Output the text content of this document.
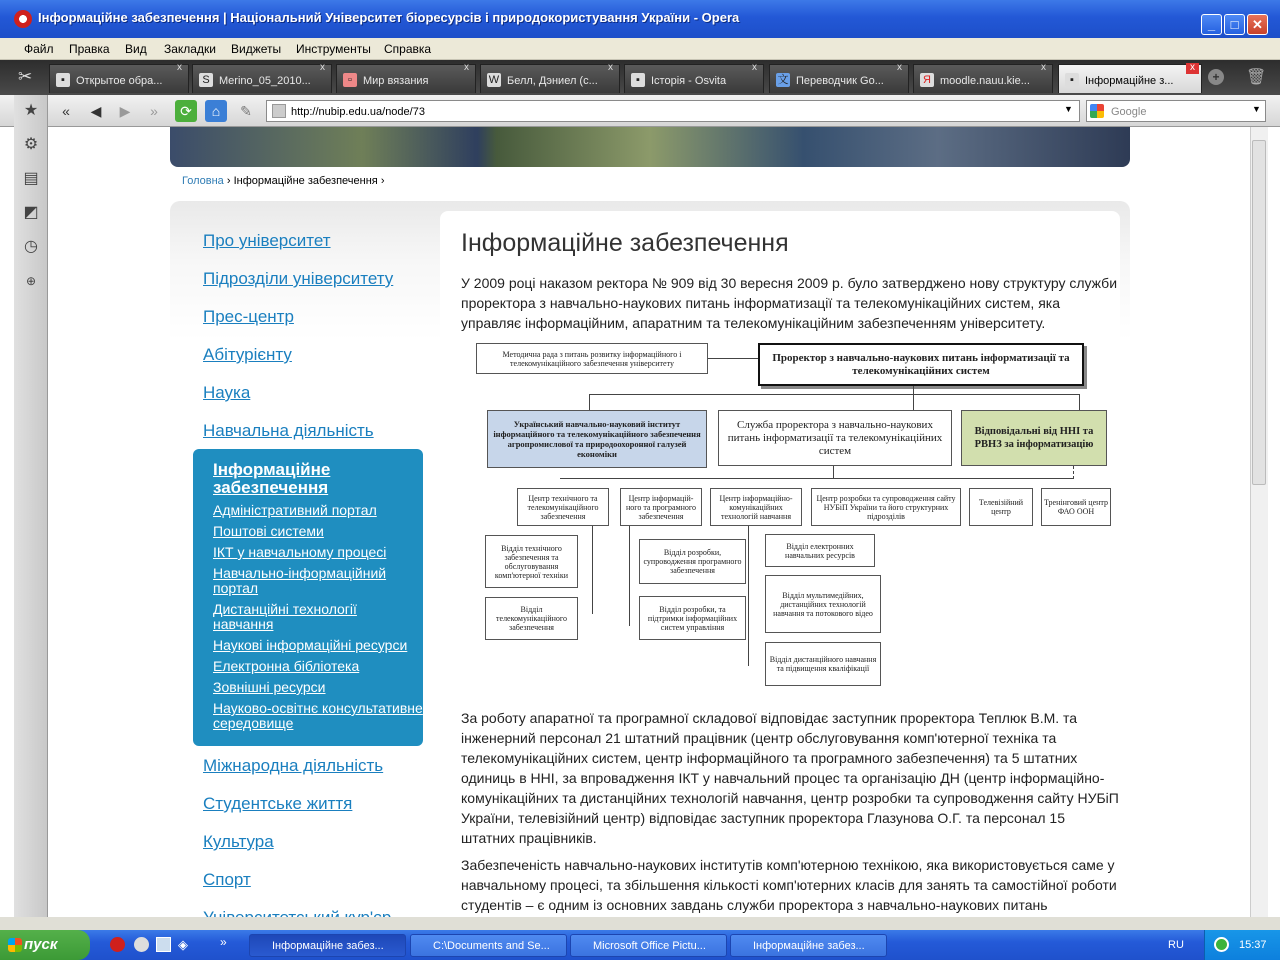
Інформаційне забезпечення | Національний Університет біоресурсів і природокористування України - Opera	_	□	✕
Файл Правка Вид Закладки Виджеты Инструменты Справка
✂	▪	Открытое обра...
x
S Merino_05_2010...
x
▫	Мир вязания
x
W Белл, Дэниел (с...
x
▪	Історія - Osvita
x
文 Переводчик Go...
x
Я moodle.nauu.kie...
x
▪	Інформаційне з...
x
+ 🗑
«	◀	▶	»	⟳	⌂	✎	http://nubip.edu.ua/node/73	▼	Google	▼
★
⚙
▤
◩
◷
⊕
Головна › Інформаційне забезпечення ›
Про університет
Підрозділи університету
Прес-центр
Абітурієнту
Наука
Навчальна діяльність
Міжнародна діяльність
Студентське життя
Культура
Спорт
Інформаційне забезпечення
Адміністративний портал
Поштові системи
ІКТ у навчальному процесі
Навчально-інформаційний портал
Дистанційні технології навчання
Наукові інформаційні ресурси
Електронна бібліотека
Зовнішні ресурси
Науково-освітнє консультативне середовище
Інформаційне забезпечення
У 2009 році наказом ректора № 909 від 30 вересня 2009 р. було затверджено нову структуру служби проректора з навчально-наукових питань інформатизації та телекомунікаційних систем, яка управляє інформаційним, апаратним та телекомунікаційним забезпеченням університету.
Методична рада з питань розвитку інформаційного і телекомунікаційного забезпечення університету	Проректор з навчально-наукових питань інформатизації та телекомунікаційних систем
Український навчально-науковий інститут інформаційного та телекомунікаційного забезпечення агропромислової та природоохоронної галузей економіки
Служба проректора з навчально-наукових питань інформатизації та телекомунікаційних систем
Відповідальні від ННІ та РВНЗ за інформатизацію
Центр технічного та телекомунікаційного забезпечення
Центр інформацій-ного та програмного забезпечення
Центр інформаційно-комунікаційних технологій навчання
Центр розробки та супроводження сайту НУБіП України та його структурних підрозділів
Телевізійний центр
Тренінговий центр ФАО ООН
Відділ технічного забезпечення та обслуговування комп'ютерної техніки
Відділ телекомунікаційного забезпечення
Відділ розробки, супроводження програмного забезпечення
Відділ розробки, та підтримки інформаційних систем управління
Відділ електронних навчальних ресурсів
Відділ мультимедійних, дистанційних технологій навчання та потокового відео
Відділ дистанційного навчання та підвищення кваліфікації
За роботу апаратної та програмної складової відповідає заступник проректора Теплюк В.М. та інженерний персонал 21 штатний працівник (центр обслуговування комп'ютерної техніка та телекомунікаційних систем, центр інформаційного та програмного забезпечення) та 5 штатних одиниць в ННІ, за впровадження ІКТ у навчальний процес та організацію ДН (центр інформаційно-комунікаційних та дистанційних технологій навчання, центр розробки та супроводження сайту НУБіП України, телевізійний центр) відповідає заступник проректора Глазунова О.Г. та персонал 15 штатних працівників.
Забезпеченість навчально-наукових інститутів комп'ютерною технікою, яка використовується саме у навчальному процесі, та збільшення кількості комп'ютерних класів для занять та самостійної роботи студентів – є одним із основних завдань служби проректора з навчально-наукових питань
пуск	◈	»	Інформаційне забез...	C:\Documents and Se...	Microsoft Office Pictu...	Інформаційне забез...	RU	15:37
